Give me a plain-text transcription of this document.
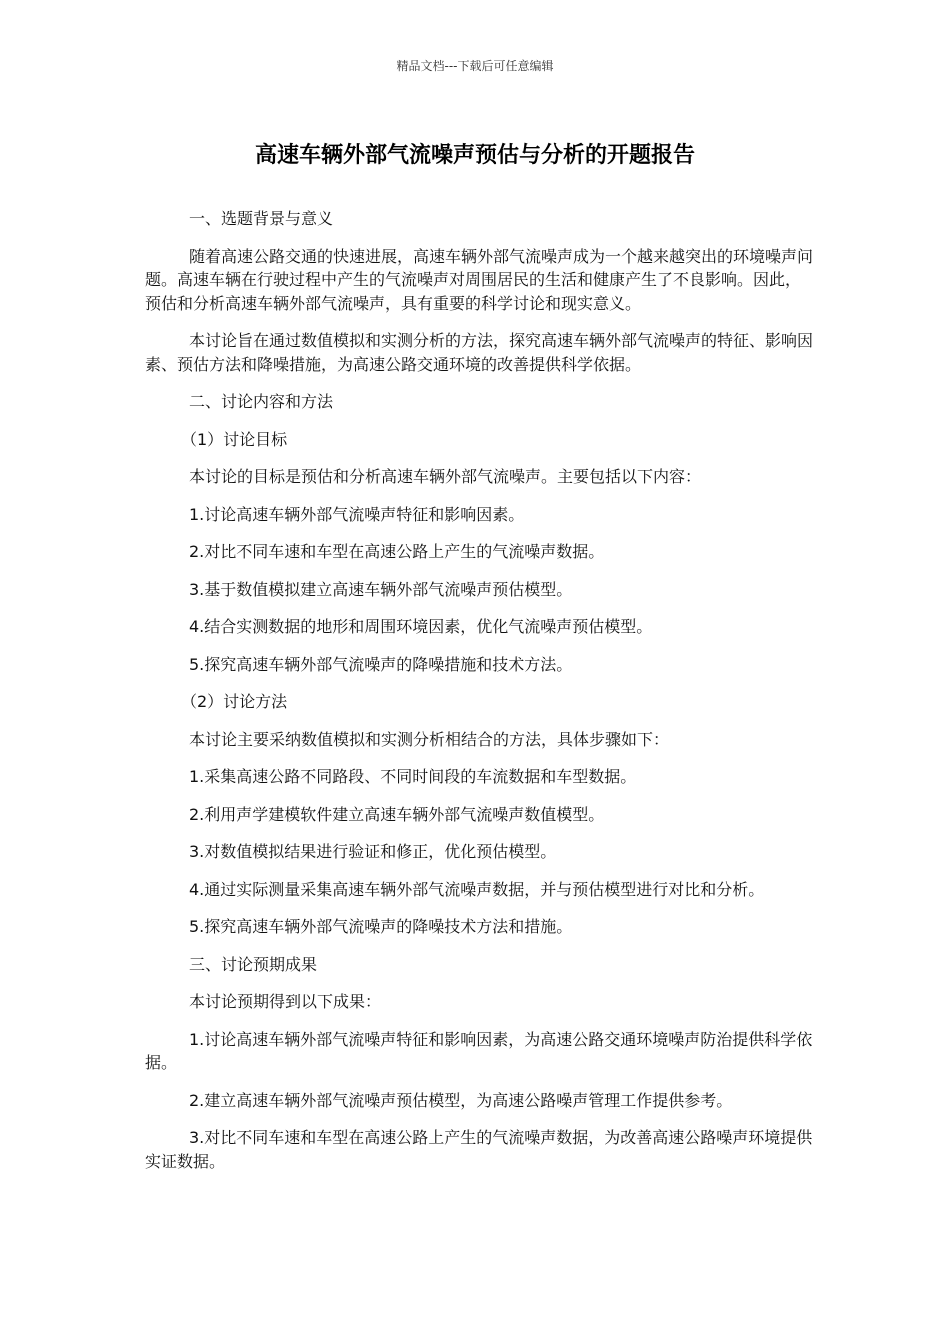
精品文档---下载后可任意编辑
高速车辆外部气流噪声预估与分析的开题报告

一、选题背景与意义

随着高速公路交通的快速进展，高速车辆外部气流噪声成为一个越来越突出的环境噪声问题。高速车辆在行驶过程中产生的气流噪声对周围居民的生活和健康产生了不良影响。因此，预估和分析高速车辆外部气流噪声，具有重要的科学讨论和现实意义。

本讨论旨在通过数值模拟和实测分析的方法，探究高速车辆外部气流噪声的特征、影响因素、预估方法和降噪措施，为高速公路交通环境的改善提供科学依据。

二、讨论内容和方法

（1）讨论目标

本讨论的目标是预估和分析高速车辆外部气流噪声。主要包括以下内容：

1.讨论高速车辆外部气流噪声特征和影响因素。

2.对比不同车速和车型在高速公路上产生的气流噪声数据。

3.基于数值模拟建立高速车辆外部气流噪声预估模型。

4.结合实测数据的地形和周围环境因素，优化气流噪声预估模型。

5.探究高速车辆外部气流噪声的降噪措施和技术方法。

（2）讨论方法

本讨论主要采纳数值模拟和实测分析相结合的方法，具体步骤如下：

1.采集高速公路不同路段、不同时间段的车流数据和车型数据。

2.利用声学建模软件建立高速车辆外部气流噪声数值模型。

3.对数值模拟结果进行验证和修正，优化预估模型。

4.通过实际测量采集高速车辆外部气流噪声数据，并与预估模型进行对比和分析。

5.探究高速车辆外部气流噪声的降噪技术方法和措施。

三、讨论预期成果

本讨论预期得到以下成果：

1.讨论高速车辆外部气流噪声特征和影响因素，为高速公路交通环境噪声防治提供科学依据。

2.建立高速车辆外部气流噪声预估模型，为高速公路噪声管理工作提供参考。

3.对比不同车速和车型在高速公路上产生的气流噪声数据，为改善高速公路噪声环境提供实证数据。
